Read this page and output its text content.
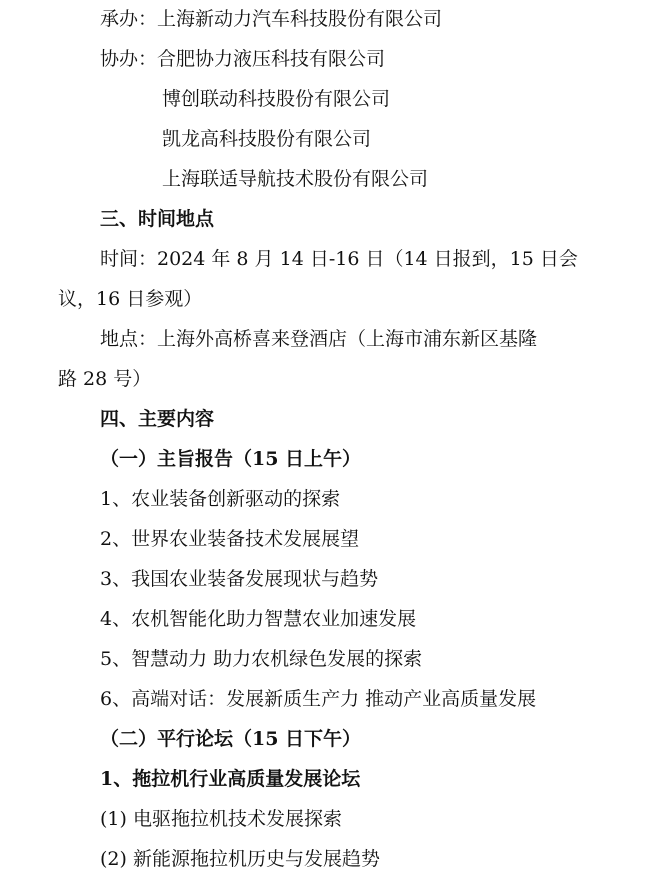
承办：上海新动力汽车科技股份有限公司
协办：合肥协力液压科技有限公司
博创联动科技股份有限公司
凯龙高科技股份有限公司
上海联适导航技术股份有限公司
三、时间地点
时间：2024 年 8 月 14 日-16 日（14 日报到，15 日会
议，16 日参观）
地点：上海外高桥喜来登酒店（上海市浦东新区基隆
路 28 号）
四、主要内容
（一）主旨报告（15 日上午）
1、农业装备创新驱动的探索
2、世界农业装备技术发展展望
3、我国农业装备发展现状与趋势
4、农机智能化助力智慧农业加速发展
5、智慧动力 助力农机绿色发展的探索
6、高端对话：发展新质生产力 推动产业高质量发展
（二）平行论坛（15 日下午）
1、拖拉机行业高质量发展论坛
(1) 电驱拖拉机技术发展探索
(2) 新能源拖拉机历史与发展趋势
